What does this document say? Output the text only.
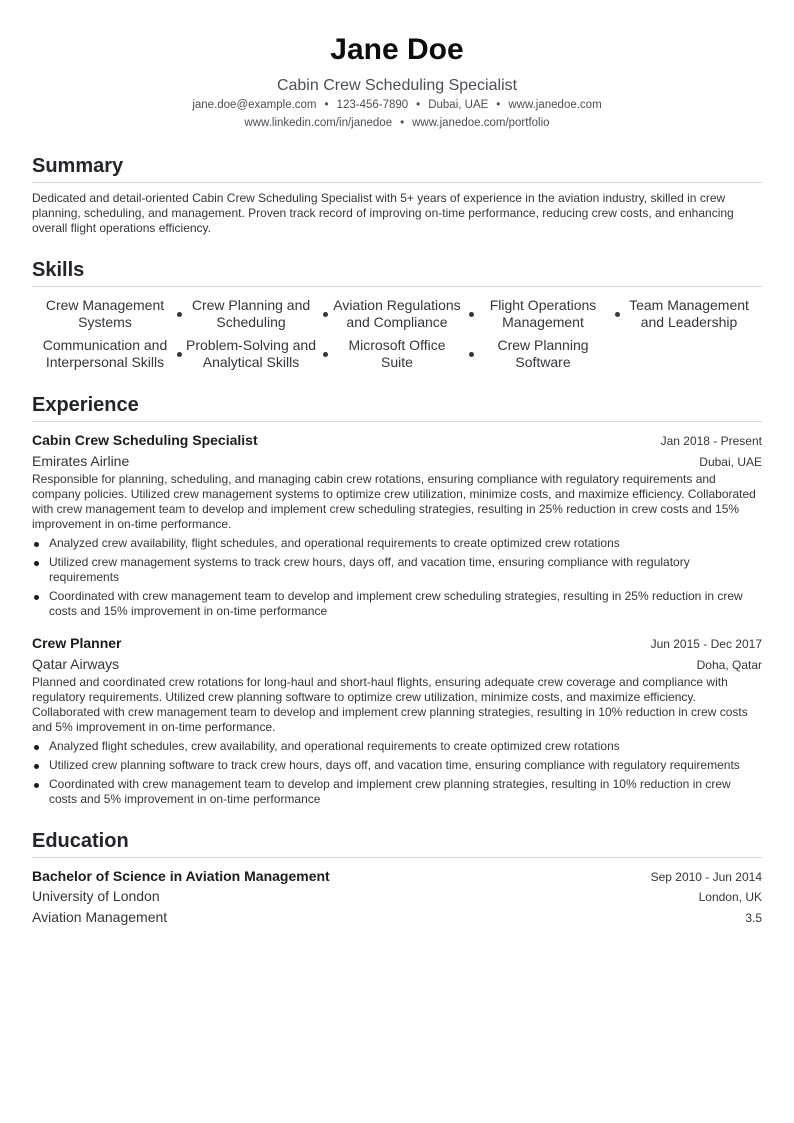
Jane Doe
Cabin Crew Scheduling Specialist
jane.doe@example.com • 123-456-7890 • Dubai, UAE • www.janedoe.com
www.linkedin.com/in/janedoe • www.janedoe.com/portfolio
Summary

Dedicated and detail-oriented Cabin Crew Scheduling Specialist with 5+ years of experience in the aviation industry, skilled in crew planning, scheduling, and management. Proven track record of improving on-time performance, reducing crew costs, and enhancing overall flight operations efficiency.

Skills
Crew Management Systems
Crew Planning and Scheduling
Aviation Regulations and Compliance
Flight Operations Management
Team Management and Leadership
Communication and Interpersonal Skills
Problem-Solving and Analytical Skills
Microsoft Office Suite
Crew Planning Software
Experience
Cabin Crew Scheduling Specialist	Jan 2018 - Present
Emirates Airline	Dubai, UAE

Responsible for planning, scheduling, and managing cabin crew rotations, ensuring compliance with regulatory requirements and company policies. Utilized crew management systems to optimize crew utilization, minimize costs, and maximize efficiency. Collaborated with crew management team to develop and implement crew scheduling strategies, resulting in 25% reduction in crew costs and 15% improvement in on-time performance.

Analyzed crew availability, flight schedules, and operational requirements to create optimized crew rotations
Utilized crew management systems to track crew hours, days off, and vacation time, ensuring compliance with regulatory requirements
Coordinated with crew management team to develop and implement crew scheduling strategies, resulting in 25% reduction in crew costs and 15% improvement in on-time performance
Crew Planner	Jun 2015 - Dec 2017
Qatar Airways	Doha, Qatar

Planned and coordinated crew rotations for long-haul and short-haul flights, ensuring adequate crew coverage and compliance with regulatory requirements. Utilized crew planning software to optimize crew utilization, minimize costs, and maximize efficiency. Collaborated with crew management team to develop and implement crew planning strategies, resulting in 10% reduction in crew costs and 5% improvement in on-time performance.

Analyzed flight schedules, crew availability, and operational requirements to create optimized crew rotations
Utilized crew planning software to track crew hours, days off, and vacation time, ensuring compliance with regulatory requirements
Coordinated with crew management team to develop and implement crew planning strategies, resulting in 10% reduction in crew costs and 5% improvement in on-time performance
Education
Bachelor of Science in Aviation Management	Sep 2010 - Jun 2014
University of London	London, UK
Aviation Management	3.5
